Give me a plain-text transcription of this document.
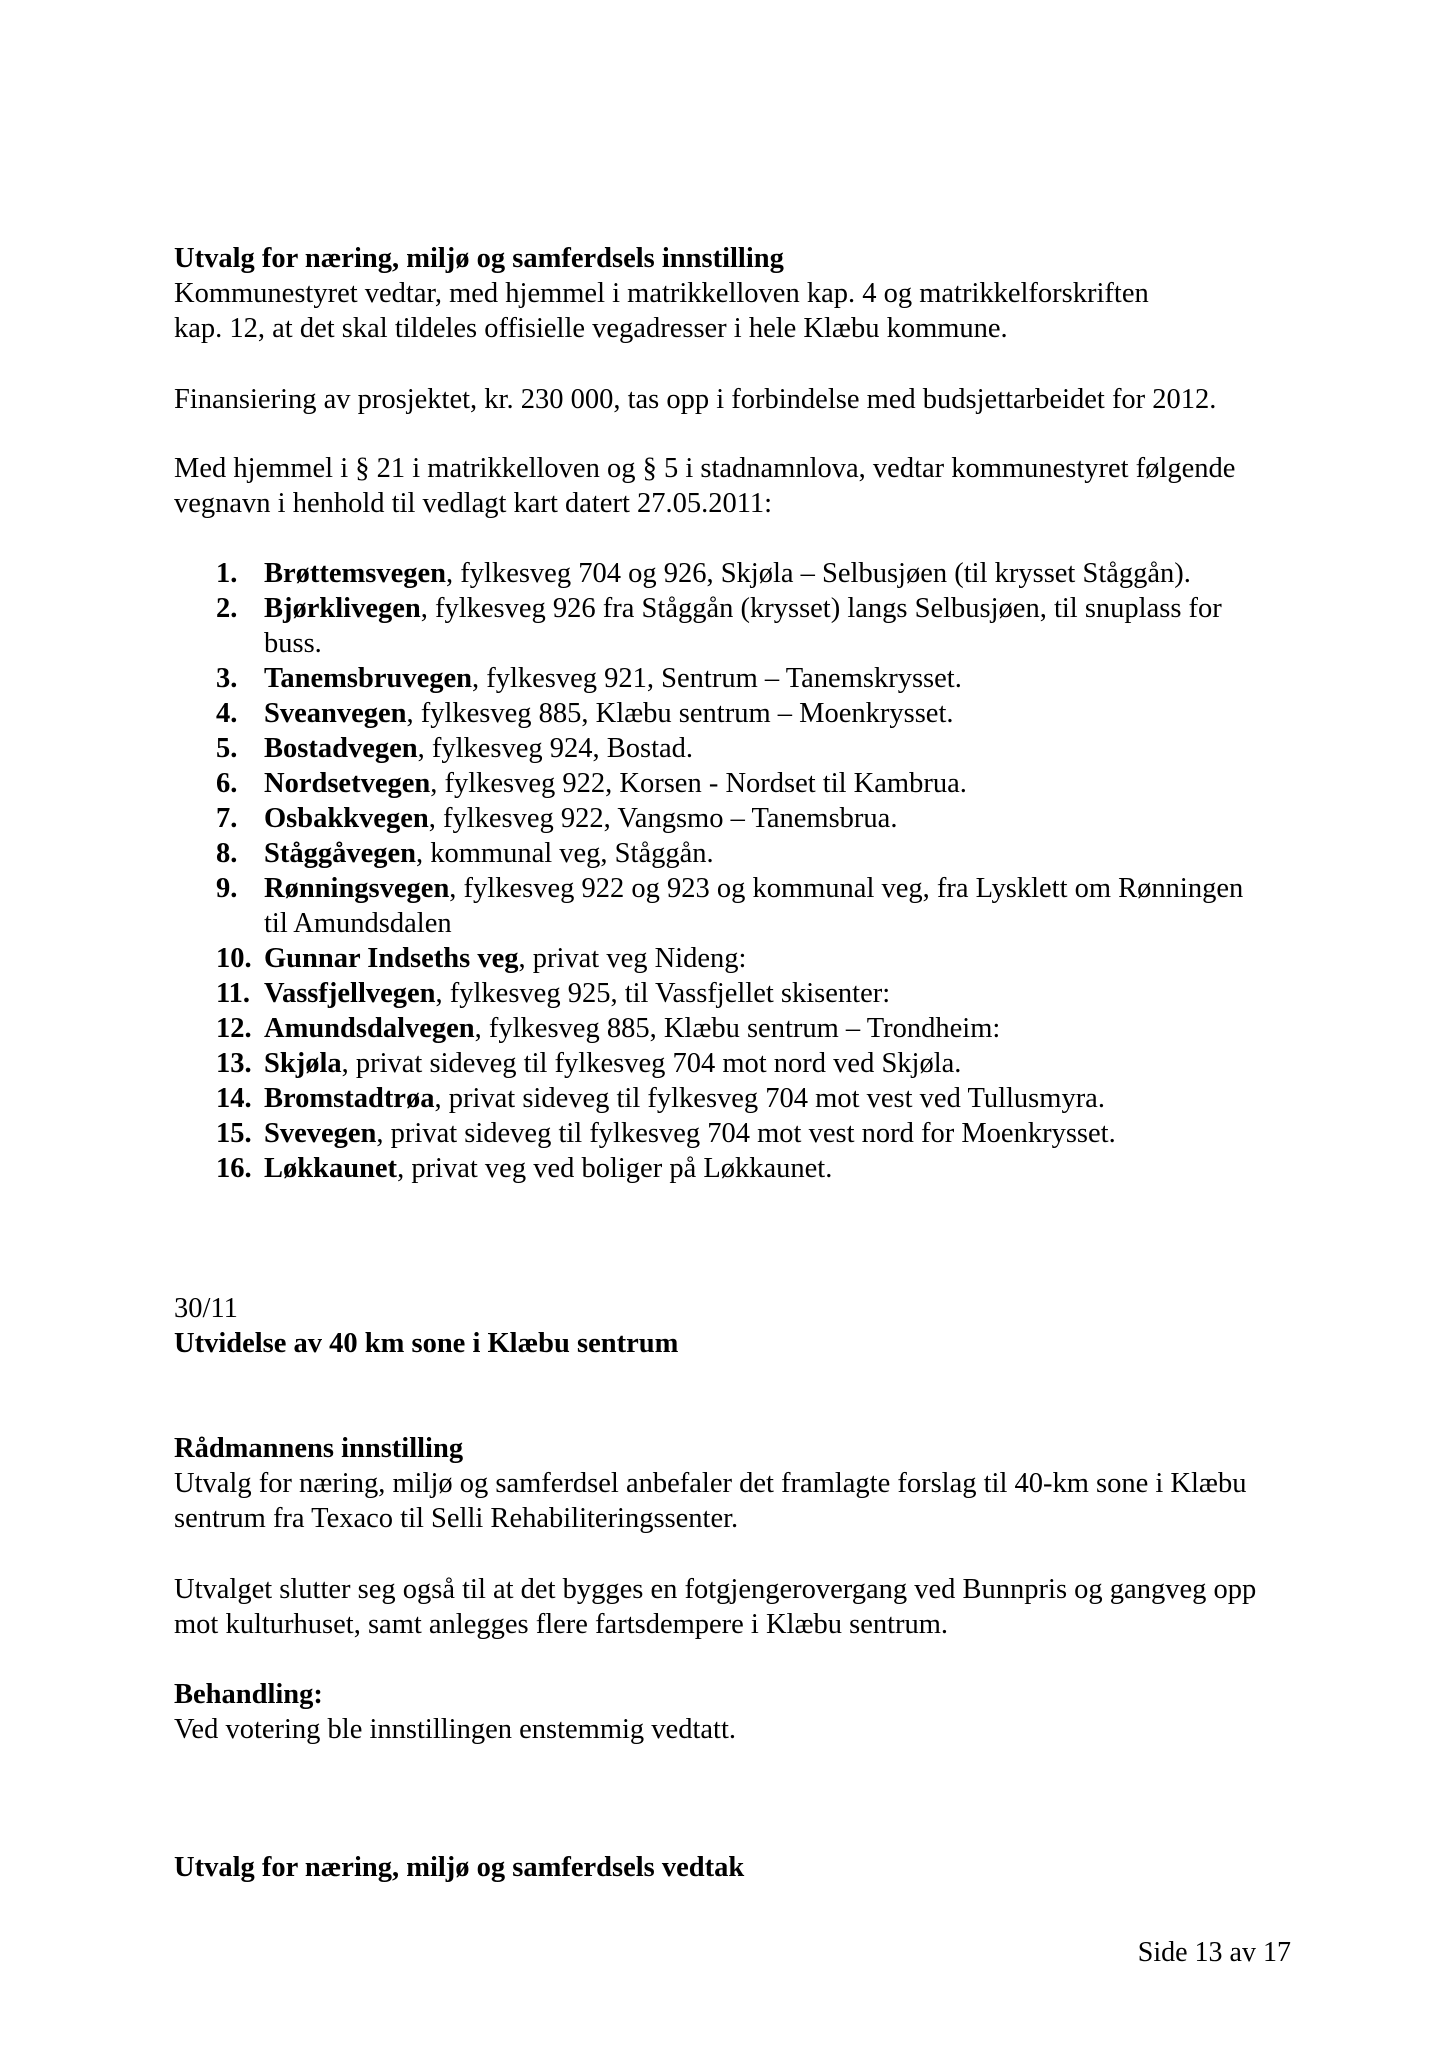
Utvalg for næring, miljø og samferdsels innstilling

Kommunestyret vedtar, med hjemmel i matrikkelloven kap. 4 og matrikkelforskriften

kap. 12, at det skal tildeles offisielle vegadresser i hele Klæbu kommune.

Finansiering av prosjektet, kr. 230 000, tas opp i forbindelse med budsjettarbeidet for 2012.

Med hjemmel i § 21 i matrikkelloven og § 5 i stadnamnlova, vedtar kommunestyret følgende

vegnavn i henhold til vedlagt kart datert 27.05.2011:

1. Brøttemsvegen, fylkesveg 704 og 926, Skjøla – Selbusjøen (til krysset Ståggån).
2. Bjørklivegen, fylkesveg 926 fra Ståggån (krysset) langs Selbusjøen, til snuplass for
buss.
3. Tanemsbruvegen, fylkesveg 921, Sentrum – Tanemskrysset.
4. Sveanvegen, fylkesveg 885, Klæbu sentrum – Moenkrysset.
5. Bostadvegen, fylkesveg 924, Bostad.
6. Nordsetvegen, fylkesveg 922, Korsen - Nordset til Kambrua.
7. Osbakkvegen, fylkesveg 922, Vangsmo – Tanemsbrua.
8. Ståggåvegen, kommunal veg, Ståggån.
9. Rønningsvegen, fylkesveg 922 og 923 og kommunal veg, fra Lysklett om Rønningen
til Amundsdalen
10. Gunnar Indseths veg, privat veg Nideng:
11. Vassfjellvegen, fylkesveg 925, til Vassfjellet skisenter:
12. Amundsdalvegen, fylkesveg 885, Klæbu sentrum – Trondheim:
13. Skjøla, privat sideveg til fylkesveg 704 mot nord ved Skjøla.
14. Bromstadtrøa, privat sideveg til fylkesveg 704 mot vest ved Tullusmyra.
15. Svevegen, privat sideveg til fylkesveg 704 mot vest nord for Moenkrysset.
16. Løkkaunet, privat veg ved boliger på Løkkaunet.

30/11

Utvidelse av 40 km sone i Klæbu sentrum

Rådmannens innstilling

Utvalg for næring, miljø og samferdsel anbefaler det framlagte forslag til 40-km sone i Klæbu

sentrum fra Texaco til Selli Rehabiliteringssenter.

Utvalget slutter seg også til at det bygges en fotgjengerovergang ved Bunnpris og gangveg opp

mot kulturhuset, samt anlegges flere fartsdempere i Klæbu sentrum.

Behandling:

Ved votering ble innstillingen enstemmig vedtatt.

Utvalg for næring, miljø og samferdsels vedtak

Side 13 av 17
